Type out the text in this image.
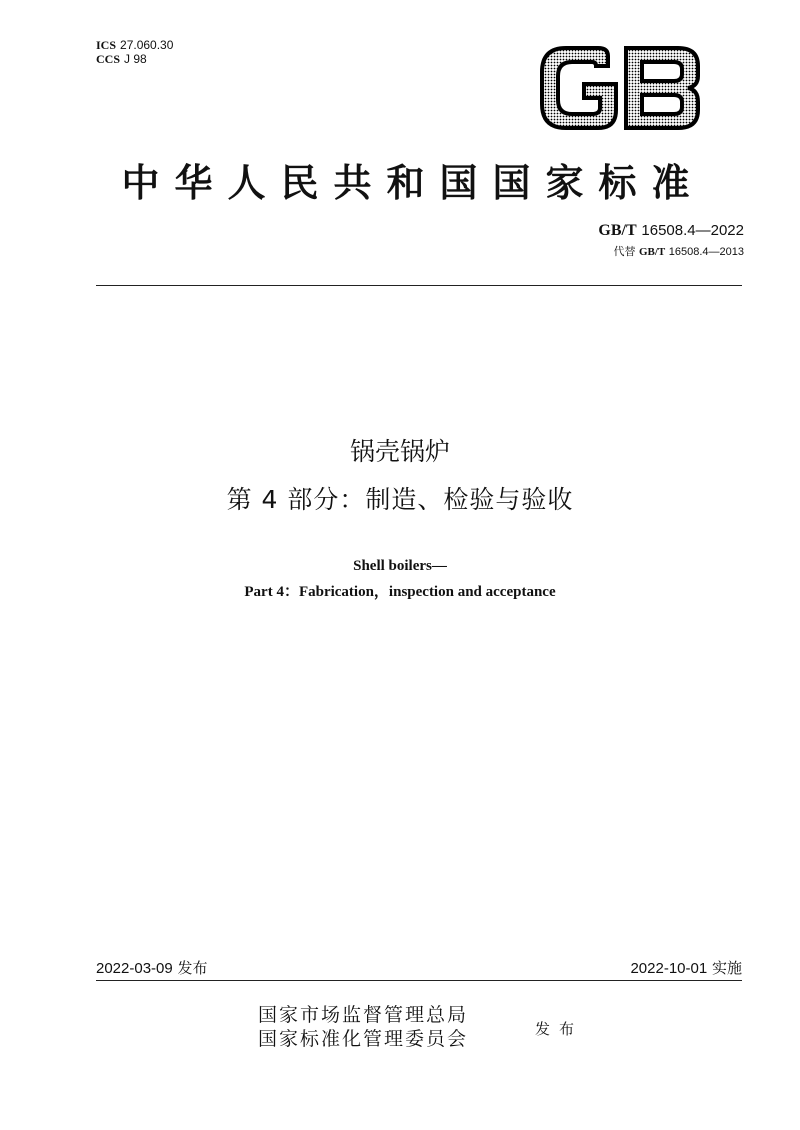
ICS 27.060.30
CCS J 98
中华人民共和国国家标准
GB/T 16508.4—2022
代替 GB/T 16508.4—2013
锅壳锅炉
第 4 部分：制造、检验与验收
Shell boilers—
Part 4：Fabrication，inspection and acceptance
2022-03-09 发布	2022-10-01 实施
国家市场监督管理总局
国家标准化管理委员会	发布
